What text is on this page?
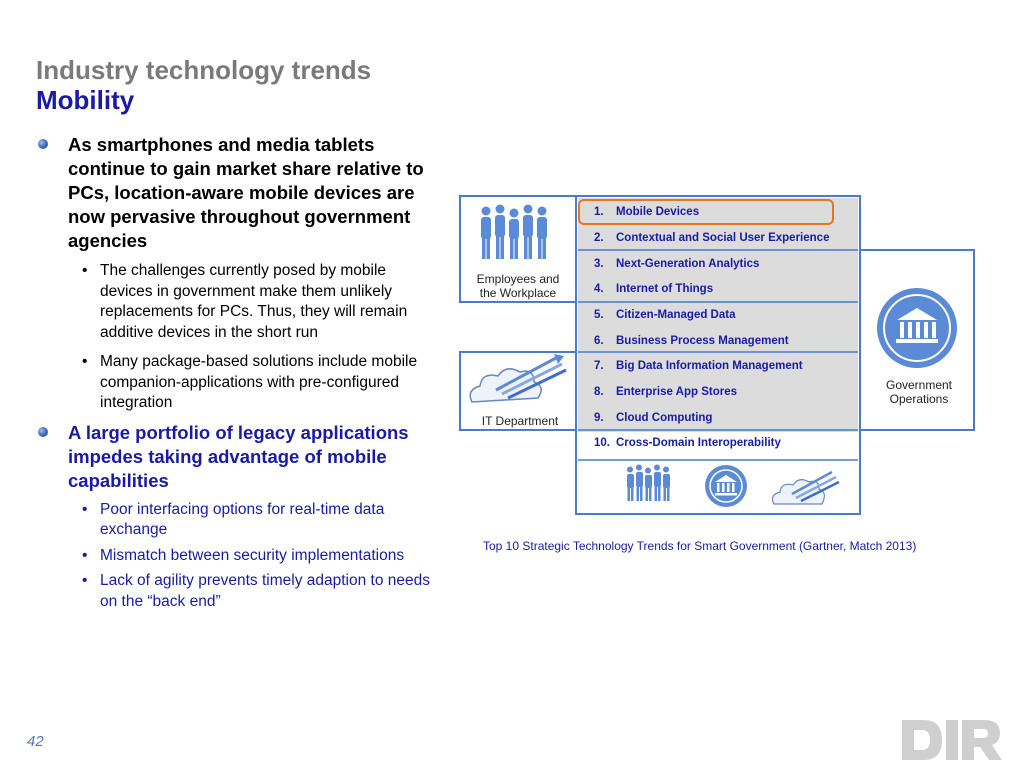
Industry technology trends
Mobility

As smartphones and media tablets continue to gain market share relative to PCs, location-aware mobile devices are now pervasive throughout government agencies

• The challenges currently posed by mobile devices in government make them unlikely replacements for PCs. Thus, they will remain additive devices in the short run

• Many package-based solutions include mobile companion-applications with pre-configured integration

A large portfolio of legacy applications impedes taking advantage of mobile capabilities

• Poor interfacing options for real-time data exchange

• Mismatch between security implementations

• Lack of agility prevents timely adaption to needs on the “back end”

1. Mobile Devices
2. Contextual and Social User Experience
3. Next-Generation Analytics
4. Internet of Things
5. Citizen-Managed Data
6. Business Process Management
7. Big Data Information Management
8. Enterprise App Stores
9. Cloud Computing
10. Cross-Domain Interoperability
Employees and the Workplace
IT Department
Government Operations
Top 10 Strategic Technology Trends for Smart Government (Gartner, Match 2013)
42
